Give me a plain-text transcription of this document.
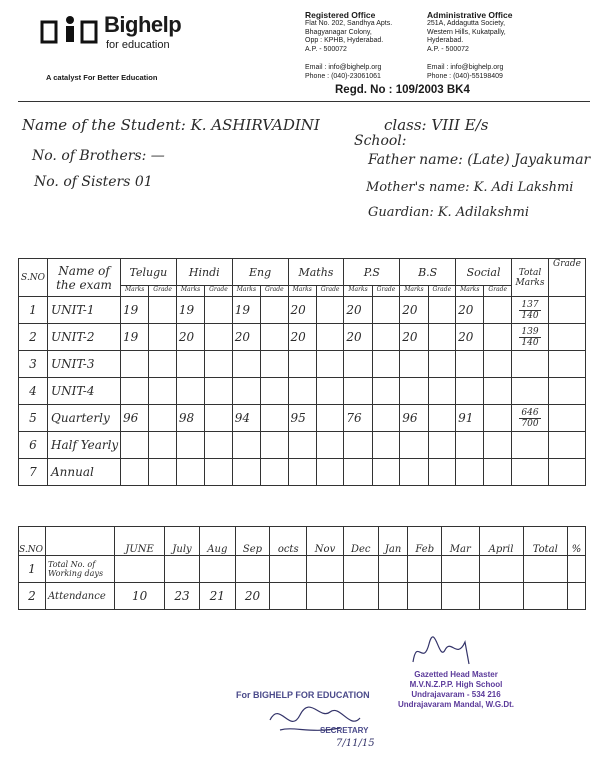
Bighelp
for education
A catalyst For Better Education
Registered Office
Flat No. 202, Sandhya Apts.
Bhagyanagar Colony,
Opp : KPHB, Hyderabad.
A.P. - 500072
Email : info@bighelp.org
Phone : (040)-23061061
Administrative Office
251A, Addagutta Society,
Western Hills, Kukatpally,
Hyderabad.
A.P. - 500072
Email : info@bighelp.org
Phone : (040)-55198409
Regd. No : 109/2003 BK4
Name of the Student: K. ASHIRVADINI	class: VIII E/s
School:
No. of Brothers: —	Father name: (Late) Jayakumar
No. of Sisters 01	Mother's name: K. Adi Lakshmi
Guardian: K. Adilakshmi
S.NO	Name of the exam	Telugu		Hindi		Eng		Maths		P.S		B.S		Social		Total Marks	Grade
		Marks	Grade	Marks	Grade	Marks	Grade	Marks	Grade	Marks	Grade	Marks	Grade	Marks	Grade		
1	UNIT-1	19		19		19		20		20		20		20		137
140	
2	UNIT-2	19		20		20		20		20		20		20		139
140	
3	UNIT-3															

4	UNIT-4															

5	Quarterly	96		98		94		95		76		96		91		646
700	
6	Half Yearly															

7	Annual															

S.NO		JUNE	July	Aug	Sep	octs	Nov	Dec	Jan	Feb	Mar	April	Total	%
1	Total No. of Working days													
2	Attendance	10	23	21	20									
For BIGHELP FOR EDUCATION
SECRETARY
7/11/15
Gazetted Head Master
M.V.N.Z.P.P. High School
Undrajavaram - 534 216
Undrajavaram Mandal, W.G.Dt.
